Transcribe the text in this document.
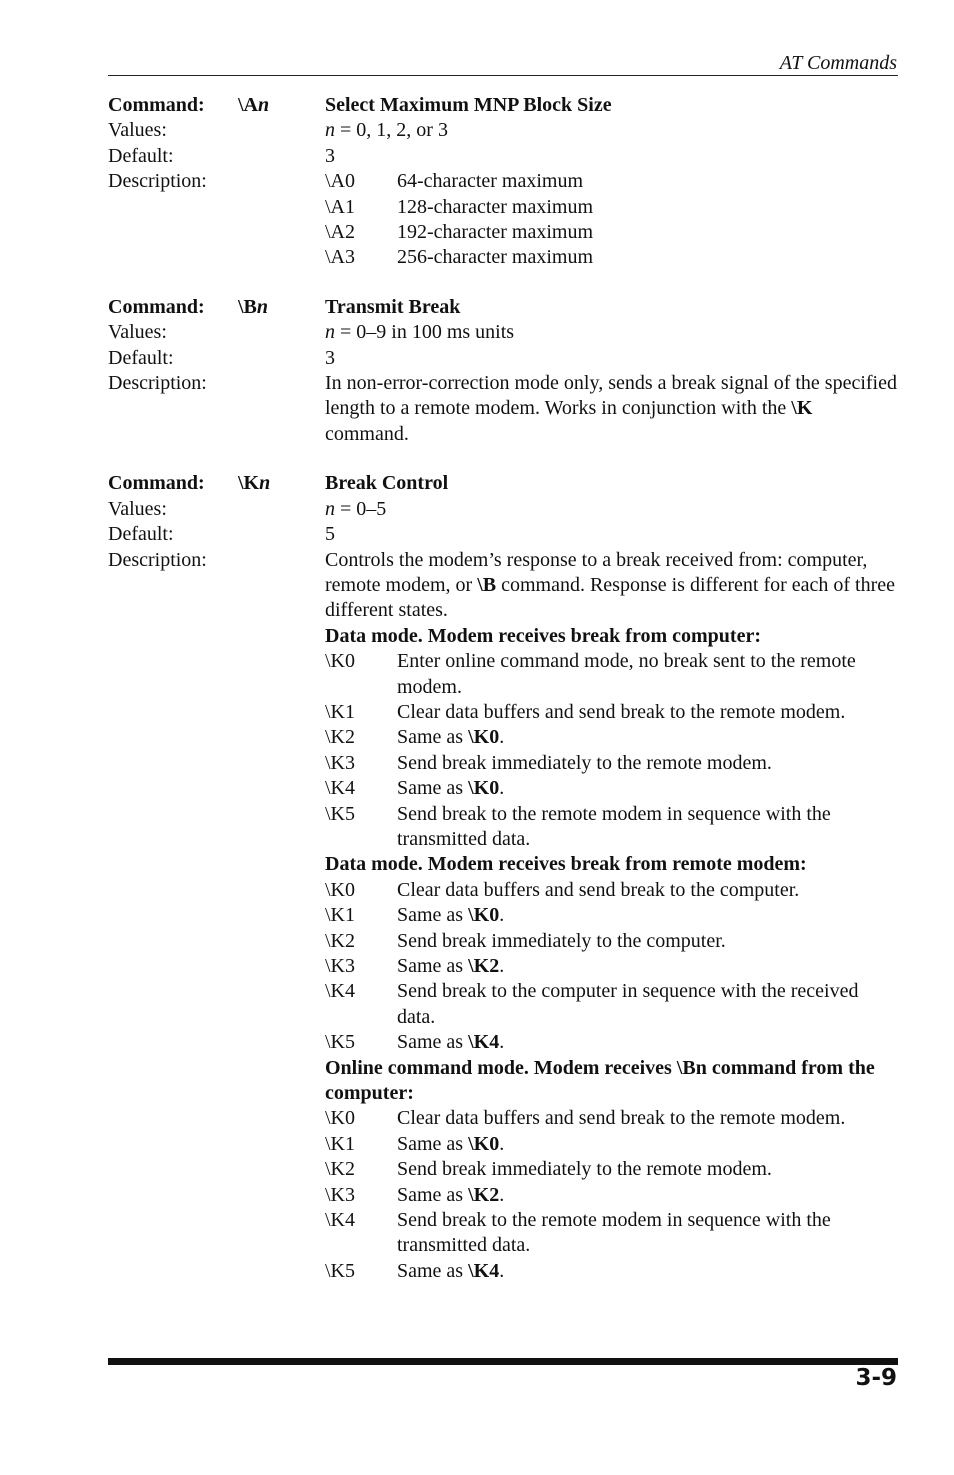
AT Commands
Command: \An	Select Maximum MNP Block Size
Values:	n = 0, 1, 2, or 3
Default:	3
Description:	\A0	64-character maximum
\A1	128-character maximum
\A2	192-character maximum
\A3	256-character maximum
Command: \Bn	Transmit Break
Values:	n = 0–9 in 100 ms units
Default:	3
Description:	In non-error-correction mode only, sends a break signal of the specified length to a remote modem. Works in conjunction with the \K command.
Command: \Kn	Break Control
Values:	n = 0–5
Default:	5
Description:	Controls the modem’s response to a break received from: computer, remote modem, or \B command. Response is different for each of three different states.
Data mode. Modem receives break from computer:
\K0	Enter online command mode, no break sent to the remote modem.
\K1	Clear data buffers and send break to the remote modem.
\K2	Same as \K0.
\K3	Send break immediately to the remote modem.
\K4	Same as \K0.
\K5	Send break to the remote modem in sequence with the transmitted data.
Data mode. Modem receives break from remote modem:
\K0	Clear data buffers and send break to the computer.
\K1	Same as \K0.
\K2	Send break immediately to the computer.
\K3	Same as \K2.
\K4	Send break to the computer in sequence with the received data.
\K5	Same as \K4.
Online command mode. Modem receives \Bn command from the computer:
\K0	Clear data buffers and send break to the remote modem.
\K1	Same as \K0.
\K2	Send break immediately to the remote modem.
\K3	Same as \K2.
\K4	Send break to the remote modem in sequence with the transmitted data.
\K5	Same as \K4.
3-9
